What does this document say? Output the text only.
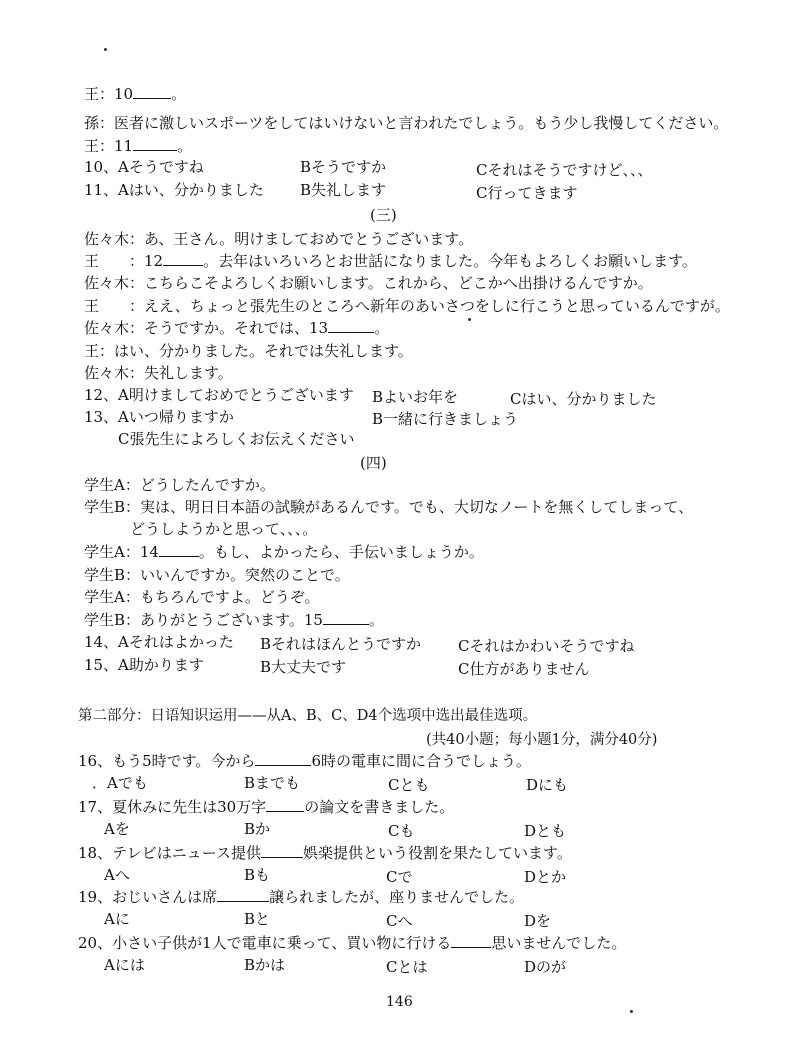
王：10	。
孫：医者に激しいスポーツをしてはいけないと言われたでしょう。もう少し我慢してください。
王：11	。
10、 Aそうですね	Bそうですか	Cそれはそうですけど、、、
11、 Aはい、分かりました B失礼します	C行ってきます
(三)
佐々木：あ、王さん。明けましておめでとうございます。
王　　：12	。去年はいろいろとお世話になりました。今年もよろしくお願いします。
佐々木：こちらこそよろしくお願いします。これから、どこかへ出掛けるんですか。
王　　：ええ、ちょっと張先生のところへ新年のあいさつをしに行こうと思っているんですが。
佐々木：そうですか。それでは、13	。
王：はい、分かりました。それでは失礼します。
佐々木：失礼します。
12、 A明けましておめでとうございます Bよいお年を	Cはい、分かりました
13、 Aいつ帰りますか	B一緒に行きましょう
C張先生によろしくお伝えください
(四)
学生A：どうしたんですか。
学生B：実は、明日日本語の試験があるんです。でも、大切なノートを無くしてしまって、
どうしようかと思って、、、。
学生A：14	。もし、よかったら、手伝いましょうか。
学生B：いいんですか。突然のことで。
学生A：もちろんですよ。どうぞ。
学生B：ありがとうございます。15	。
14、 Aそれはよかった Bそれはほんとうですか Cそれはかわいそうですね
15、 A助かります	B大丈夫です	C仕方がありません
第二部分：日语知识运用——从A、B、C、D4个选项中选出最佳选项。
(共40小题；每小题1分，满分40分)
16、もう5時です。今から	6時の電車に間に合うでしょう。
．Aでも	Bまでも	Cとも	Dにも
17、夏休みに先生は30万字	の論文を書きました。
Aを	Bか	Cも	Dとも
18、テレビはニュース提供	娯楽提供という役割を果たしています。
Aへ	Bも	Cで	Dとか
19、おじいさんは席	譲られましたが、座りませんでした。
Aに	Bと	Cへ	Dを
20、小さい子供が1人で電車に乗って、買い物に行ける	思いませんでした。
Aには	Bかは	Cとは	Dのが
146
